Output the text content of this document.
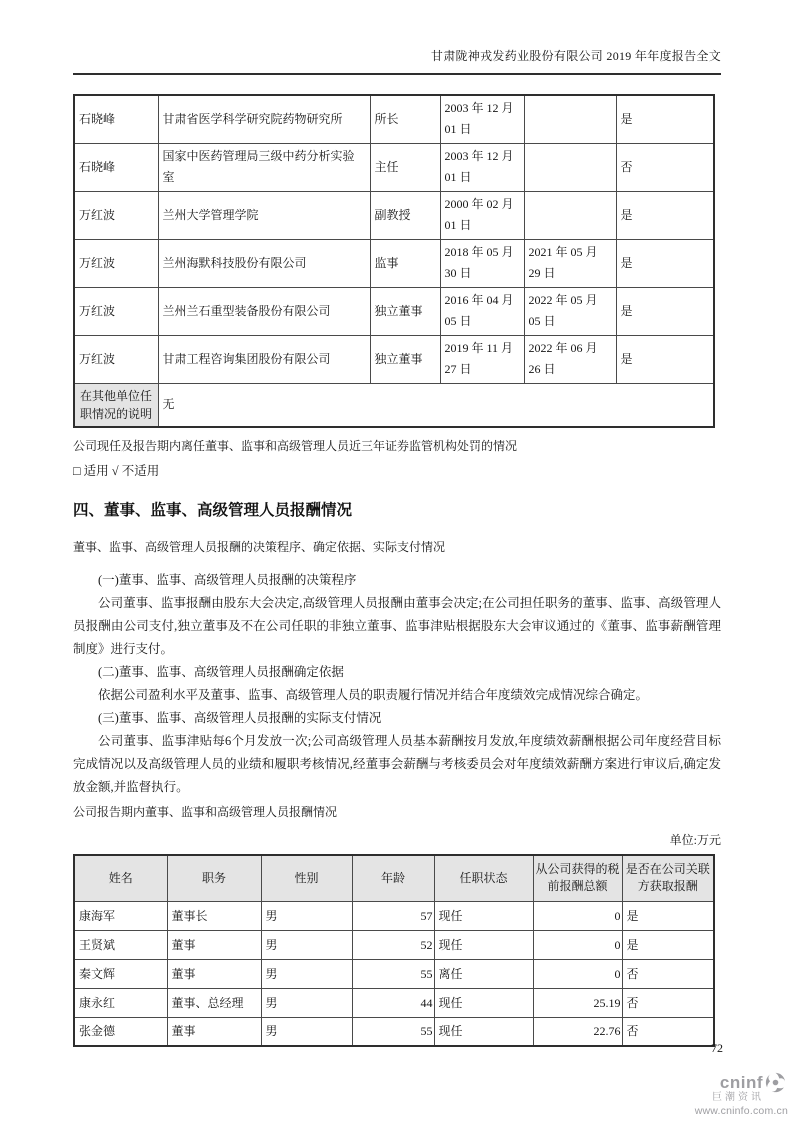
甘肃陇神戎发药业股份有限公司 2019 年年度报告全文
石晓峰	甘肃省医学科学研究院药物研究所	所长	2003 年 12 月 01 日		是
石晓峰	国家中医药管理局三级中药分析实验室	主任	2003 年 12 月 01 日		否
万红波	兰州大学管理学院	副教授	2000 年 02 月 01 日		是
万红波	兰州海默科技股份有限公司	监事	2018 年 05 月 30 日	2021 年 05 月 29 日	是
万红波	兰州兰石重型装备股份有限公司	独立董事	2016 年 04 月 05 日	2022 年 05 月 05 日	是
万红波	甘肃工程咨询集团股份有限公司	独立董事	2019 年 11 月 27 日	2022 年 06 月 26 日	是
在其他单位任职情况的说明	无				
公司现任及报告期内离任董事、监事和高级管理人员近三年证券监管机构处罚的情况
□ 适用 √ 不适用
四、董事、监事、高级管理人员报酬情况
董事、监事、高级管理人员报酬的决策程序、确定依据、实际支付情况
(一)董事、监事、高级管理人员报酬的决策程序
公司董事、监事报酬由股东大会决定,高级管理人员报酬由董事会决定;在公司担任职务的董事、监事、高级管理人员报酬由公司支付,独立董事及不在公司任职的非独立董事、监事津贴根据股东大会审议通过的《董事、监事薪酬管理制度》进行支付。
(二)董事、监事、高级管理人员报酬确定依据
依据公司盈利水平及董事、监事、高级管理人员的职责履行情况并结合年度绩效完成情况综合确定。
(三)董事、监事、高级管理人员报酬的实际支付情况
公司董事、监事津贴每6个月发放一次;公司高级管理人员基本薪酬按月发放,年度绩效薪酬根据公司年度经营目标完成情况以及高级管理人员的业绩和履职考核情况,经董事会薪酬与考核委员会对年度绩效薪酬方案进行审议后,确定发放金额,并监督执行。
公司报告期内董事、监事和高级管理人员报酬情况
单位:万元
姓名	职务	性别	年龄	任职状态	从公司获得的税前报酬总额	是否在公司关联方获取报酬
康海军	董事长	男	57	现任	0	是
王贤斌	董事	男	52	现任	0	是
秦文辉	董事	男	55	离任	0	否
康永红	董事、总经理	男	44	现任	25.19	否
张金德	董事	男	55	现任	22.76	否
72
cninf
巨潮资讯
www.cninfo.com.cn
